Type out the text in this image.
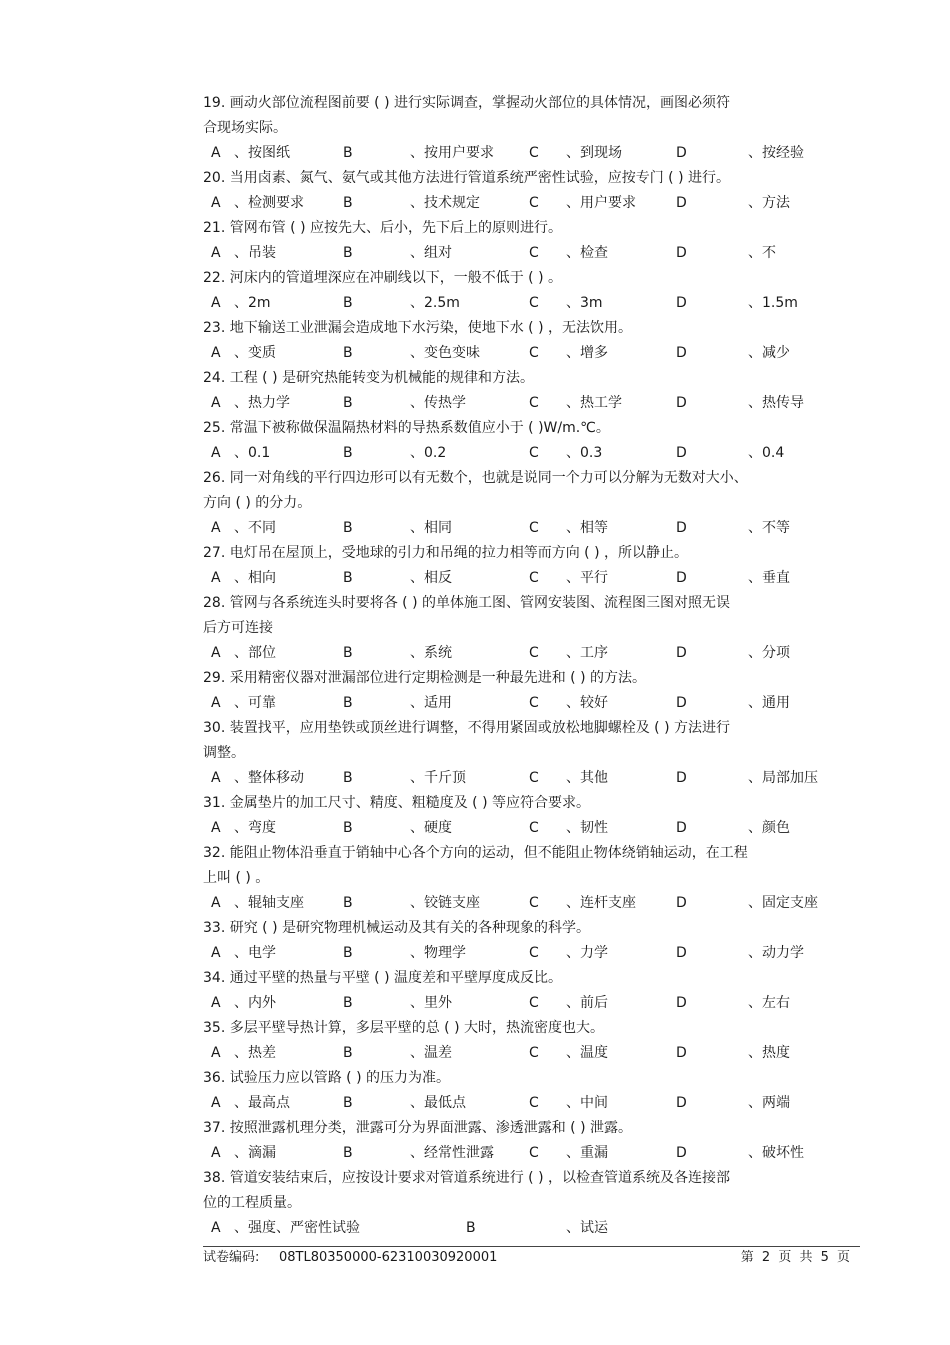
19. 画动火部位流程图前要 ( ) 进行实际调查，掌握动火部位的具体情况，画图必须符
合现场实际。
A 、按图纸	B	、按用户要求	C 、到现场	D	、按经验
20. 当用卤素、氮气、氨气或其他方法进行管道系统严密性试验，应按专门 ( ) 进行。
A 、检测要求	B	、技术规定	C 、用户要求	D	、方法
21. 管网布管 ( ) 应按先大、后小，先下后上的原则进行。
A 、吊装	B	、组对	C 、检查	D	、不
22. 河床内的管道埋深应在冲刷线以下，一般不低于 ( ) 。
A 、2m	B	、2.5m	C 、3m	D	、1.5m
23. 地下输送工业泄漏会造成地下水污染，使地下水 ( ) ，无法饮用。
A 、变质	B	、变色变味	C 、增多	D	、减少
24. 工程 ( ) 是研究热能转变为机械能的规律和方法。
A 、热力学	B	、传热学	C 、热工学	D	、热传导
25. 常温下被称做保温隔热材料的导热系数值应小于 ( )W/m.℃。
A 、0.1	B	、0.2	C 、0.3	D	、0.4
26. 同一对角线的平行四边形可以有无数个，也就是说同一个力可以分解为无数对大小、
方向 ( ) 的分力。
A 、不同	B	、相同	C 、相等	D	、不等
27. 电灯吊在屋顶上，受地球的引力和吊绳的拉力相等而方向 ( ) ，所以静止。
A 、相向	B	、相反	C 、平行	D	、垂直
28. 管网与各系统连头时要将各 ( ) 的单体施工图、管网安装图、流程图三图对照无误
后方可连接
A 、部位	B	、系统	C 、工序	D	、分项
29. 采用精密仪器对泄漏部位进行定期检测是一种最先进和 ( ) 的方法。
A 、可靠	B	、适用	C 、较好	D	、通用
30. 装置找平，应用垫铁或顶丝进行调整，不得用紧固或放松地脚螺栓及 ( ) 方法进行
调整。
A 、整体移动	B	、千斤顶	C 、其他	D	、局部加压
31. 金属垫片的加工尺寸、精度、粗糙度及 ( ) 等应符合要求。
A 、弯度	B	、硬度	C 、韧性	D	、颜色
32. 能阻止物体沿垂直于销轴中心各个方向的运动，但不能阻止物体绕销轴运动，在工程
上叫 ( ) 。
A 、辊轴支座	B	、铰链支座	C 、连杆支座	D	、固定支座
33. 研究 ( ) 是研究物理机械运动及其有关的各种现象的科学。
A 、电学	B	、物理学	C 、力学	D	、动力学
34. 通过平壁的热量与平壁 ( ) 温度差和平壁厚度成反比。
A 、内外	B	、里外	C 、前后	D	、左右
35. 多层平壁导热计算，多层平壁的总 ( ) 大时，热流密度也大。
A 、热差	B	、温差	C 、温度	D	、热度
36. 试验压力应以管路 ( ) 的压力为准。
A 、最高点	B	、最低点	C 、中间	D	、两端
37. 按照泄露机理分类，泄露可分为界面泄露、渗透泄露和 ( ) 泄露。
A 、滴漏	B	、经常性泄露	C 、重漏	D	、破坏性
38. 管道安装结束后，应按设计要求对管道系统进行 ( ) ，以检查管道系统及各连接部
位的工程质量。
A 、强度、严密性试验	B	、试运
试卷编码: 08TL80350000-62310030920001	第 2 页 共 5 页
